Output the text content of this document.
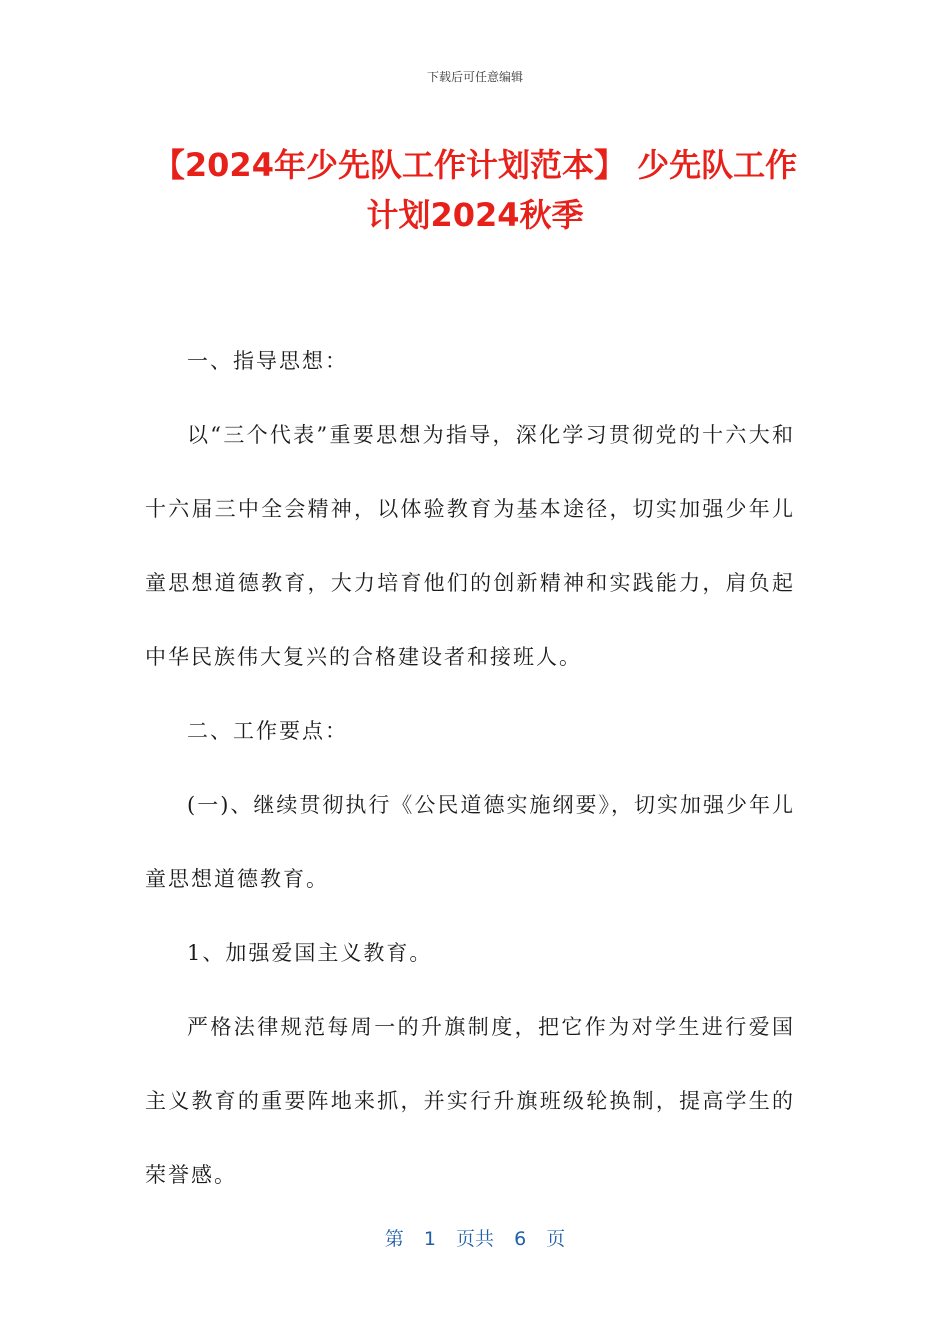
下载后可任意编辑
【2024年少先队工作计划范本】 少先队工作计划2024秋季

一、指导思想：

以“三个代表”重要思想为指导，深化学习贯彻党的十六大和十六届三中全会精神，以体验教育为基本途径，切实加强少年儿童思想道德教育，大力培育他们的创新精神和实践能力，肩负起中华民族伟大复兴的合格建设者和接班人。

二、工作要点：

(一)、继续贯彻执行《公民道德实施纲要》，切实加强少年儿童思想道德教育。

1、加强爱国主义教育。

严格法律规范每周一的升旗制度，把它作为对学生进行爱国主义教育的重要阵地来抓，并实行升旗班级轮换制，提高学生的荣誉感。

第  1  页共  6  页
